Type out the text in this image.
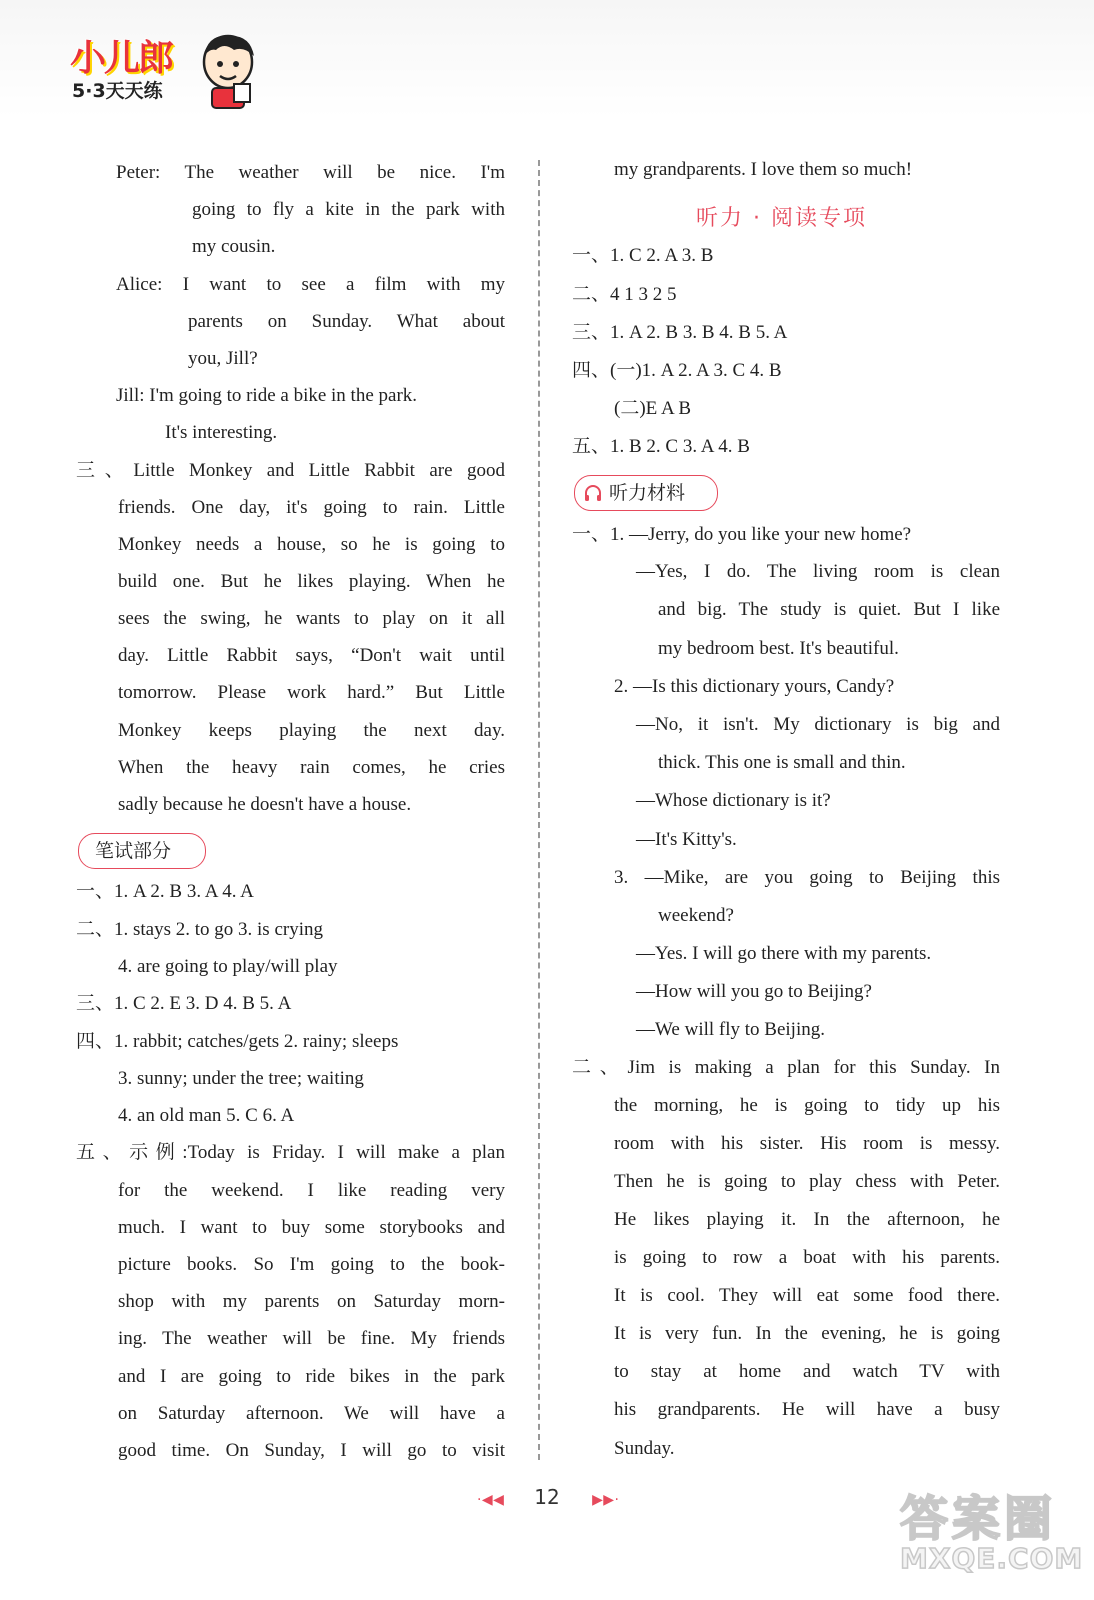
小儿郎
5·3天天练
Peter: The weather will be nice. I'm
going to fly a kite in the park with
my cousin.
Alice: I want to see a film with my
parents on Sunday. What about
you, Jill?
Jill: I'm going to ride a bike in the park.
It's interesting.
三、Little Monkey and Little Rabbit are good
friends. One day, it's going to rain. Little
Monkey needs a house, so he is going to
build one. But he likes playing. When he
sees the swing, he wants to play on it all
day. Little Rabbit says, “Don't wait until
tomorrow. Please work hard.” But Little
Monkey keeps playing the next day.
When the heavy rain comes, he cries
sadly because he doesn't have a house.
笔试部分
一、1. A 2. B 3. A 4. A
二、1. stays 2. to go 3. is crying
4. are going to play/will play
三、1. C 2. E 3. D 4. B 5. A
四、1. rabbit; catches/gets 2. rainy; sleeps
3. sunny; under the tree; waiting
4. an old man 5. C 6. A
五、示例:Today is Friday. I will make a plan
for the weekend. I like reading very
much. I want to buy some storybooks and
picture books. So I'm going to the book-
shop with my parents on Saturday morn-
ing. The weather will be fine. My friends
and I are going to ride bikes in the park
on Saturday afternoon. We will have a
good time. On Sunday, I will go to visit
my grandparents. I love them so much!
听力 · 阅读专项
一、1. C 2. A 3. B
二、4 1 3 2 5
三、1. A 2. B 3. B 4. B 5. A
四、(一)1. A 2. A 3. C 4. B
(二)E A B
五、1. B 2. C 3. A 4. B
听力材料
一、1. —Jerry, do you like your new home?
—Yes, I do. The living room is clean
and big. The study is quiet. But I like
my bedroom best. It's beautiful.
2. —Is this dictionary yours, Candy?
—No, it isn't. My dictionary is big and
thick. This one is small and thin.
—Whose dictionary is it?
—It's Kitty's.
3. —Mike, are you going to Beijing this
weekend?
—Yes. I will go there with my parents.
—How will you go to Beijing?
—We will fly to Beijing.
二、Jim is making a plan for this Sunday. In
the morning, he is going to tidy up his
room with his sister. His room is messy.
Then he is going to play chess with Peter.
He likes playing it. In the afternoon, he
is going to row a boat with his parents.
It is cool. They will eat some food there.
It is very fun. In the evening, he is going
to stay at home and watch TV with
his grandparents. He will have a busy
Sunday.
· ◀ ◀ 12 ▶ ▶ ·	答案圈
MXQE.COM
